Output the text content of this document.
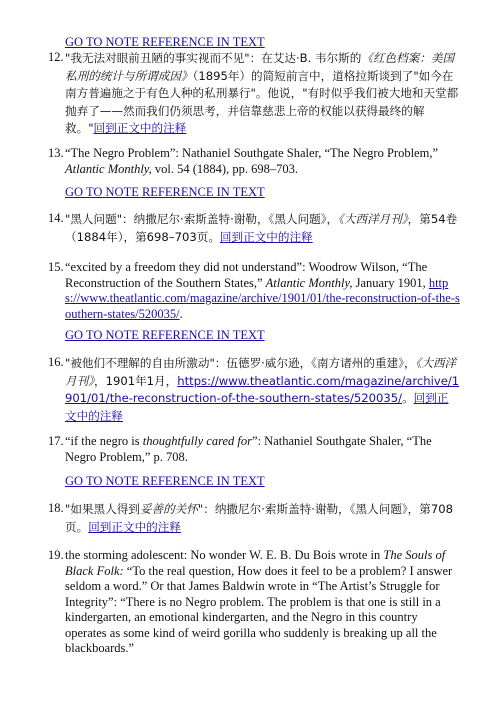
GO TO NOTE REFERENCE IN TEXT
12. "我无法对眼前丑陋的事实视而不见"：在艾达·B. 韦尔斯的《红色档案：美国私刑的统计与所谓成因》（1895年）的简短前言中，道格拉斯谈到了"如今在南方普遍施之于有色人种的私刑暴行"。他说，"有时似乎我们被大地和天堂都抛弃了——然而我们仍须思考，并信靠慈悲上帝的权能以获得最终的解救。"回到正文中的注释
13. “The Negro Problem”: Nathaniel Southgate Shaler, “The Negro Problem,” Atlantic Monthly, vol. 54 (1884), pp. 698–703.
GO TO NOTE REFERENCE IN TEXT
14. "黑人问题"：纳撒尼尔·索斯盖特·谢勒，《黑人问题》，《大西洋月刊》，第54卷（1884年），第698–703页。回到正文中的注释
15. “excited by a freedom they did not understand”: Woodrow Wilson, “The Reconstruction of the Southern States,” Atlantic Monthly, January 1901, https://www.theatlantic.com/magazine/archive/1901/01/the-reconstruction-of-the-southern-states/520035/.
GO TO NOTE REFERENCE IN TEXT
16. "被他们不理解的自由所激动"：伍德罗·威尔逊，《南方诸州的重建》，《大西洋月刊》，1901年1月，https://www.theatlantic.com/magazine/archive/1901/01/the-reconstruction-of-the-southern-states/520035/。回到正文中的注释
17. “if the negro is thoughtfully cared for”: Nathaniel Southgate Shaler, “The Negro Problem,” p. 708.
GO TO NOTE REFERENCE IN TEXT
18. "如果黑人得到妥善的关怀"：纳撒尼尔·索斯盖特·谢勒，《黑人问题》，第708页。回到正文中的注释
19. the storming adolescent: No wonder W. E. B. Du Bois wrote in The Souls of Black Folk: “To the real question, How does it feel to be a problem? I answer seldom a word.” Or that James Baldwin wrote in “The Artist’s Struggle for Integrity”: “There is no Negro problem. The problem is that one is still in a kindergarten, an emotional kindergarten, and the Negro in this country operates as some kind of weird gorilla who suddenly is breaking up all the blackboards.”
